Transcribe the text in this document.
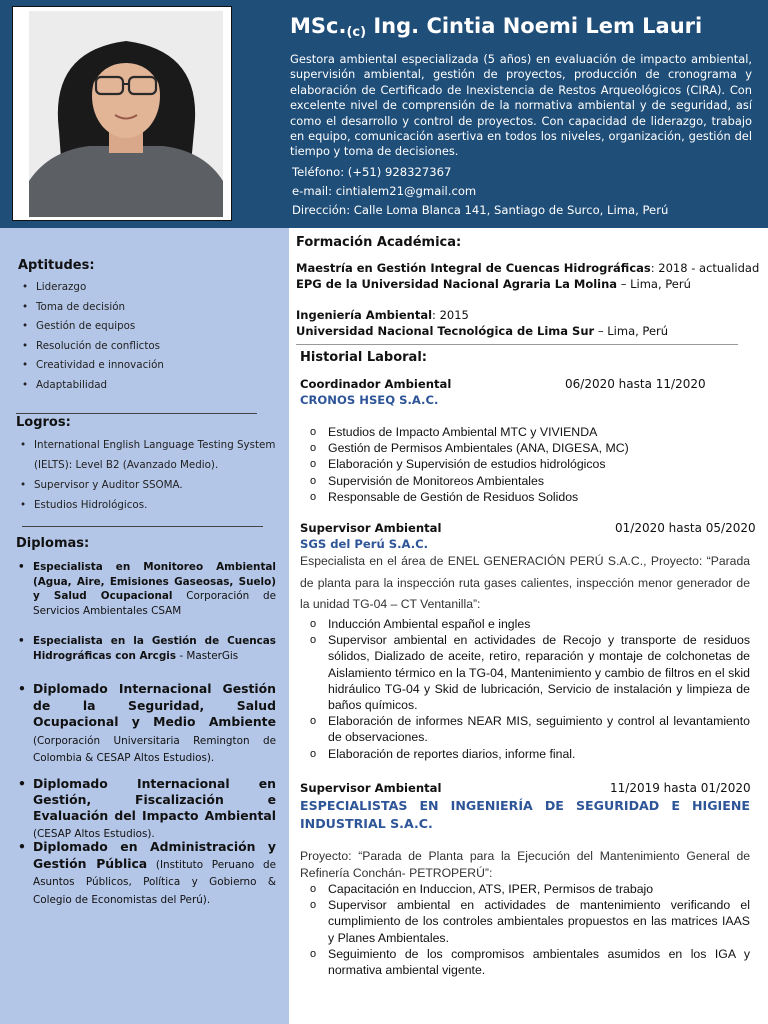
$MSc._{(c)}$ Ing. Cintia Noemi Lem Lauri
Gestora ambiental especializada (5 años) en evaluación de impacto ambiental, supervisión ambiental, gestión de proyectos, producción de cronograma y elaboración de Certificado de Inexistencia de Restos Arqueológicos (CIRA). Con excelente nivel de comprensión de la normativa ambiental y de seguridad, así como el desarrollo y control de proyectos. Con capacidad de liderazgo, trabajo en equipo, comunicación asertiva en todos los niveles, organización, gestión del tiempo y toma de decisiones.
Teléfono: (+51) 928327367
e-mail: cintialem21@gmail.com
Dirección: Calle Loma Blanca 141, Santiago de Surco, Lima, Perú
Aptitudes:
• Liderazgo
• Toma de decisión
• Gestión de equipos
• Resolución de conflictos
• Creatividad e innovación
• Adaptabilidad
Logros:
• International English Language Testing System (IELTS): Level B2 (Avanzado Medio).
• Supervisor y Auditor SSOMA.
• Estudios Hidrológicos.
Diplomas:
• Especialista en Monitoreo Ambiental (Agua, Aire, Emisiones Gaseosas, Suelo) y Salud Ocupacional Corporación de Servicios Ambientales CSAM
• Especialista en la Gestión de Cuencas Hidrográficas con Arcgis - MasterGis
• Diplomado Internacional Gestión de la Seguridad, Salud Ocupacional y Medio Ambiente (Corporación Universitaria Remington de Colombia & CESAP Altos Estudios).
• Diplomado Internacional en Gestión, Fiscalización e Evaluación del Impacto Ambiental (CESAP Altos Estudios).
• Diplomado en Administración y Gestión Pública (Instituto Peruano de Asuntos Públicos, Política y Gobierno & Colegio de Economistas del Perú).
Formación Académica:
Maestría en Gestión Integral de Cuencas Hidrográficas: 2018 - actualidad
EPG de la Universidad Nacional Agraria La Molina – Lima, Perú
Ingeniería Ambiental: 2015
Universidad Nacional Tecnológica de Lima Sur – Lima, Perú
Historial Laboral:
Coordinador Ambiental	06/2020 hasta 11/2020
CRONOS HSEQ S.A.C.
o Estudios de Impacto Ambiental MTC y VIVIENDA
o Gestión de Permisos Ambientales (ANA, DIGESA, MC)
o Elaboración y Supervisión de estudios hidrológicos
o Supervisión de Monitoreos Ambientales
o Responsable de Gestión de Residuos Solidos
Supervisor Ambiental	01/2020 hasta 05/2020
SGS del Perú S.A.C.
Especialista en el área de ENEL GENERACIÓN PERÚ S.A.C., Proyecto: “Parada de planta para la inspección ruta gases calientes, inspección menor generador de la unidad TG-04 – CT Ventanilla”:
o Inducción Ambiental español e ingles
o Supervisor ambiental en actividades de Recojo y transporte de residuos sólidos, Dializado de aceite, retiro, reparación y montaje de colchonetas de Aislamiento térmico en la TG-04, Mantenimiento y cambio de filtros en el skid hidráulico TG-04 y Skid de lubricación, Servicio de instalación y limpieza de baños químicos.
o Elaboración de informes NEAR MIS, seguimiento y control al levantamiento de observaciones.
o Elaboración de reportes diarios, informe final.
Supervisor Ambiental	11/2019 hasta 01/2020
ESPECIALISTAS EN INGENIERÍA DE SEGURIDAD E HIGIENE INDUSTRIAL S.A.C.
Proyecto: “Parada de Planta para la Ejecución del Mantenimiento General de Refinería Conchán- PETROPERÚ”:
o Capacitación en Induccion, ATS, IPER, Permisos de trabajo
o Supervisor ambiental en actividades de mantenimiento verificando el cumplimiento de los controles ambientales propuestos en las matrices IAAS y Planes Ambientales.
o Seguimiento de los compromisos ambientales asumidos en los IGA y normativa ambiental vigente.
